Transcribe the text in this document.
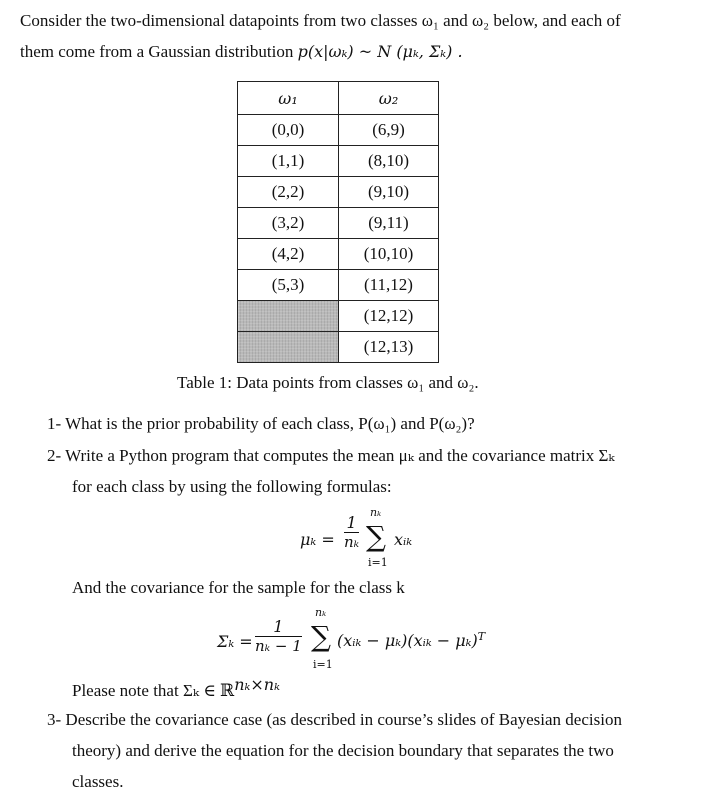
Consider the two-dimensional datapoints from two classes ω₁ and ω₂ below, and each of
them come from a Gaussian distribution p(x|ωₖ) ~ N (μₖ, Σₖ) .
ω₁	ω₂
(0,0)	(6,9)
(1,1)	(8,10)
(2,2)	(9,10)
(3,2)	(9,11)
(4,2)	(10,10)
(5,3)	(11,12)
	(12,12)
	(12,13)
Table 1: Data points from classes ω₁ and ω₂.
1- What is the prior probability of each class, P(ω₁) and P(ω₂)?
2- Write a Python program that computes the mean μₖ and the covariance matrix Σₖ
for each class by using the following formulas:
$\mu_k = \frac{1}{\text{nₖ}}$
nₖ
∑
i=1
xᵢₖ
And the covariance for the sample for the class k
$\Sigma_k = \frac{1}{\text{nₖ − 1}}$
nₖ
∑
i=1
(xᵢₖ − μₖ)(xᵢₖ − μₖ)$^T$
Please note that Σₖ ∈ ℝ$^{n_k\times n_k}$
3- Describe the covariance case (as described in course’s slides of Bayesian decision
theory) and derive the equation for the decision boundary that separates the two
classes.
